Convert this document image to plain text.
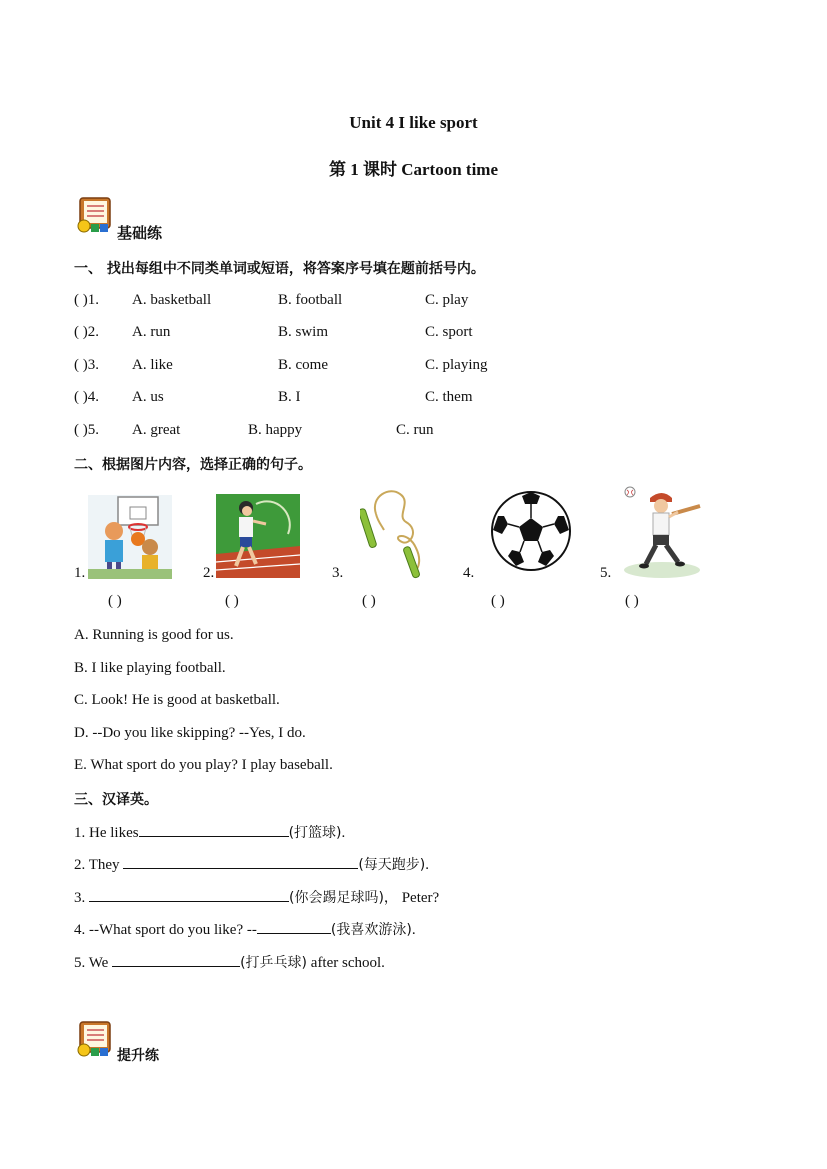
Unit 4 I like sport
第 1 课时 Cartoon time
基础练
一、 找出每组中不同类单词或短语，将答案序号填在题前括号内。
( )1. A. basketball	B. football	C. play
( )2. A. run	B. swim	C. sport
( )3. A. like	B. come	C. playing
( )4. A. us	B. I	C. them
( )5. A. great	B. happy	C. run
二、根据图片内容，选择正确的句子。
1.	2.	3.	4.	5.
( )	( )	( )	( )	( )
A. Running is good for us.
B. I like playing football.
C. Look! He is good at basketball.
D. --Do you like skipping? --Yes, I do.
E. What sport do you play? I play baseball.
三、汉译英。
1. He likes	(打篮球).
2. They	(每天跑步).
3.	(你会踢足球吗)， Peter?
4. --What sport do you like? --	(我喜欢游泳).
5. We	(打乒乓球) after school.
提升练
